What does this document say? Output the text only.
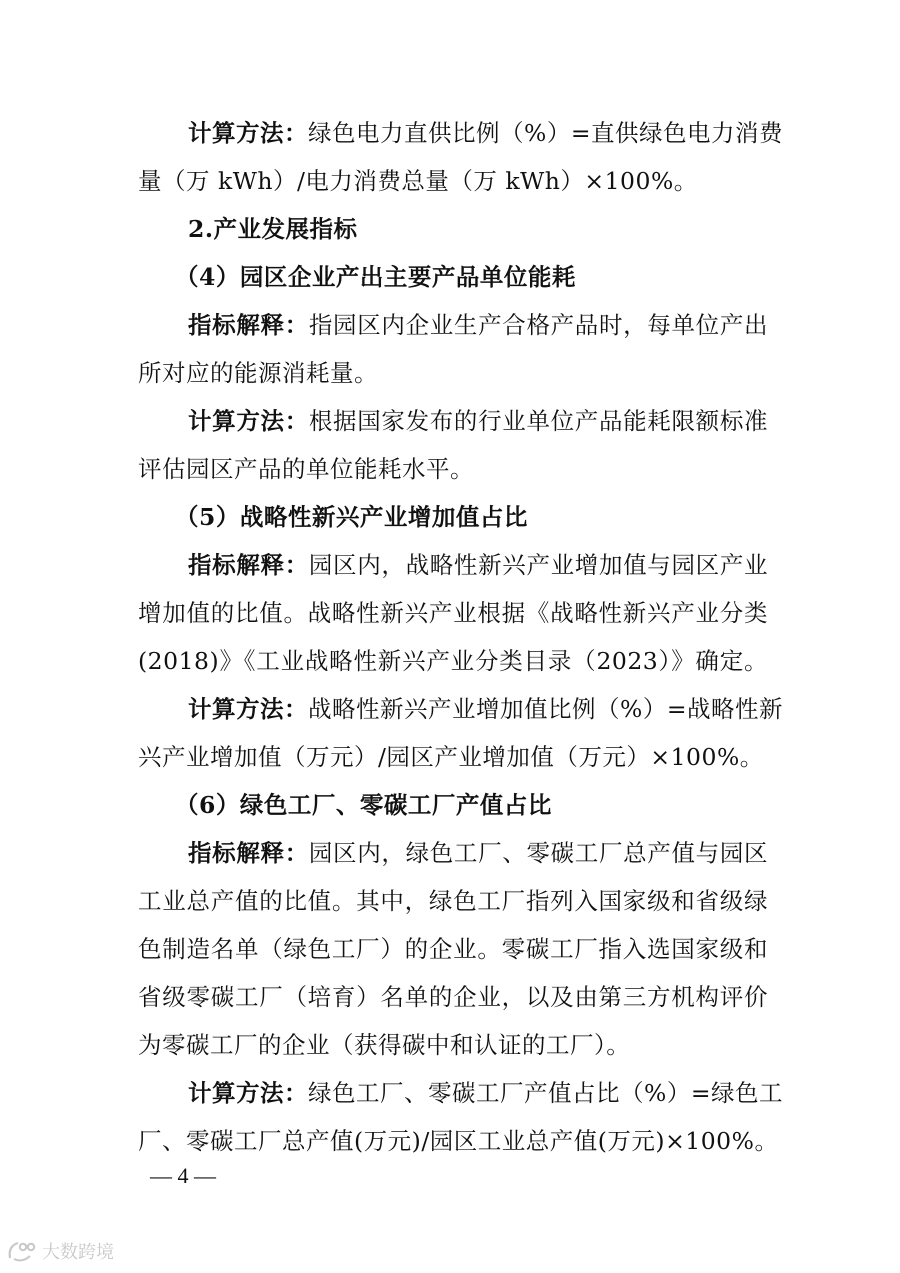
计算方法：绿色电力直供比例（%）=直供绿色电力消费
量（万 kWh）/电力消费总量（万 kWh）×100%。
2.产业发展指标
（4）园区企业产出主要产品单位能耗
指标解释：指园区内企业生产合格产品时，每单位产出
所对应的能源消耗量。
计算方法：根据国家发布的行业单位产品能耗限额标准
评估园区产品的单位能耗水平。
（5）战略性新兴产业增加值占比
指标解释：园区内，战略性新兴产业增加值与园区产业
增加值的比值。战略性新兴产业根据《战略性新兴产业分类
(2018)》《工业战略性新兴产业分类目录（2023）》确定。
计算方法：战略性新兴产业增加值比例（%）=战略性新
兴产业增加值（万元）/园区产业增加值（万元）×100%。
（6）绿色工厂、零碳工厂产值占比
指标解释：园区内，绿色工厂、零碳工厂总产值与园区
工业总产值的比值。其中，绿色工厂指列入国家级和省级绿
色制造名单（绿色工厂）的企业。零碳工厂指入选国家级和
省级零碳工厂（培育）名单的企业，以及由第三方机构评价
为零碳工厂的企业（获得碳中和认证的工厂）。
计算方法：绿色工厂、零碳工厂产值占比（%）=绿色工
厂、零碳工厂总产值(万元)/园区工业总产值(万元)×100%。
— 4 —
大数跨境
